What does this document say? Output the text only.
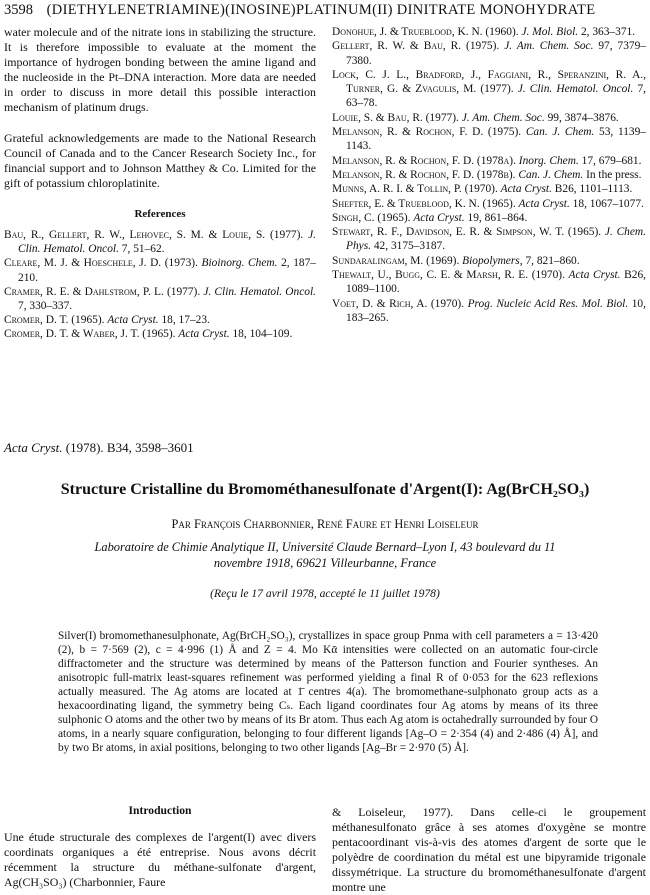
3598 (DIETHYLENETRIAMINE)(INOSINE)PLATINUM(II) DINITRATE MONOHYDRATE

water molecule and of the nitrate ions in stabilizing the structure. It is therefore impossible to evaluate at the moment the importance of hydrogen bonding between the amine ligand and the nucleoside in the Pt–DNA interaction. More data are needed in order to discuss in more detail this possible interaction mechanism of platinum drugs.

Grateful acknowledgements are made to the National Research Council of Canada and to the Cancer Research Society Inc., for financial support and to Johnson Matthey & Co. Limited for the gift of potassium chloroplatinite.

References

Bau, R., Gellert, R. W., Lehovec, S. M. & Louie, S. (1977). J. Clin. Hematol. Oncol. 7, 51–62.

Cleare, M. J. & Hoeschele, J. D. (1973). Bioinorg. Chem. 2, 187–210.

Cramer, R. E. & Dahlstrom, P. L. (1977). J. Clin. Hematol. Oncol. 7, 330–337.

Cromer, D. T. (1965). Acta Cryst. 18, 17–23.

Cromer, D. T. & Waber, J. T. (1965). Acta Cryst. 18, 104–109.

Donohue, J. & Trueblood, K. N. (1960). J. Mol. Biol. 2, 363–371.

Gellert, R. W. & Bau, R. (1975). J. Am. Chem. Soc. 97, 7379–7380.

Lock, C. J. L., Bradford, J., Faggiani, R., Speranzini, R. A., Turner, G. & Zvagulis, M. (1977). J. Clin. Hematol. Oncol. 7, 63–78.

Louie, S. & Bau, R. (1977). J. Am. Chem. Soc. 99, 3874–3876.

Melanson, R. & Rochon, F. D. (1975). Can. J. Chem. 53, 1139–1143.

Melanson, R. & Rochon, F. D. (1978a). Inorg. Chem. 17, 679–681.

Melanson, R. & Rochon, F. D. (1978b). Can. J. Chem. In the press.

Munns, A. R. I. & Tollin, P. (1970). Acta Cryst. B26, 1101–1113.

Shefter, E. & Trueblood, K. N. (1965). Acta Cryst. 18, 1067–1077.

Singh, C. (1965). Acta Cryst. 19, 861–864.

Stewart, R. F., Davidson, E. R. & Simpson, W. T. (1965). J. Chem. Phys. 42, 3175–3187.

Sundaralingam, M. (1969). Biopolymers, 7, 821–860.

Thewalt, U., Bugg, C. E. & Marsh, R. E. (1970). Acta Cryst. B26, 1089–1100.

Voet, D. & Rich, A. (1970). Prog. Nucleic Acid Res. Mol. Biol. 10, 183–265.

Acta Cryst. (1978). B34, 3598–3601
Structure Cristalline du Bromométhanesulfonate d'Argent(I): Ag(BrCH₂SO₃)
Par François Charbonnier, René Faure et Henri Loiseleur
Laboratoire de Chimie Analytique II, Université Claude Bernard–Lyon I, 43 boulevard du 11 novembre 1918, 69621 Villeurbanne, France
(Reçu le 17 avril 1978, accepté le 11 juillet 1978)

Silver(I) bromomethanesulphonate, Ag(BrCH₂SO₃), crystallizes in space group Pnma with cell parameters a = 13·420 (2), b = 7·569 (2), c = 4·996 (1) Å and Z = 4. Mo Kᾱ intensities were collected on an automatic four-circle diffractometer and the structure was determined by means of the Patterson function and Fourier syntheses. An anisotropic full-matrix least-squares refinement was performed yielding a final R of 0·053 for the 623 reflexions actually measured. The Ag atoms are located at 1̄ centres 4(a). The bromomethane-sulphonato group acts as a hexacoordinating ligand, the symmetry being Cₛ. Each ligand coordinates four Ag atoms by means of its three sulphonic O atoms and the other two by means of its Br atom. Thus each Ag atom is octahedrally surrounded by four O atoms, in a nearly square configuration, belonging to four different ligands [Ag–O = 2·354 (4) and 2·486 (4) Å], and by two Br atoms, in axial positions, belonging to two other ligands [Ag–Br = 2·970 (5) Å].

Introduction

Une étude structurale des complexes de l'argent(I) avec divers coordinats organiques a été entreprise. Nous avons décrit récemment la structure du méthane-sulfonate d'argent, Ag(CH₃SO₃) (Charbonnier, Faure

& Loiseleur, 1977). Dans celle-ci le groupement méthanesulfonato grâce à ses atomes d'oxygène se montre pentacoordinant vis-à-vis des atomes d'argent de sorte que le polyèdre de coordination du métal est une bipyramide trigonale dissymétrique. La structure du bromométhanesulfonate d'argent montre une
